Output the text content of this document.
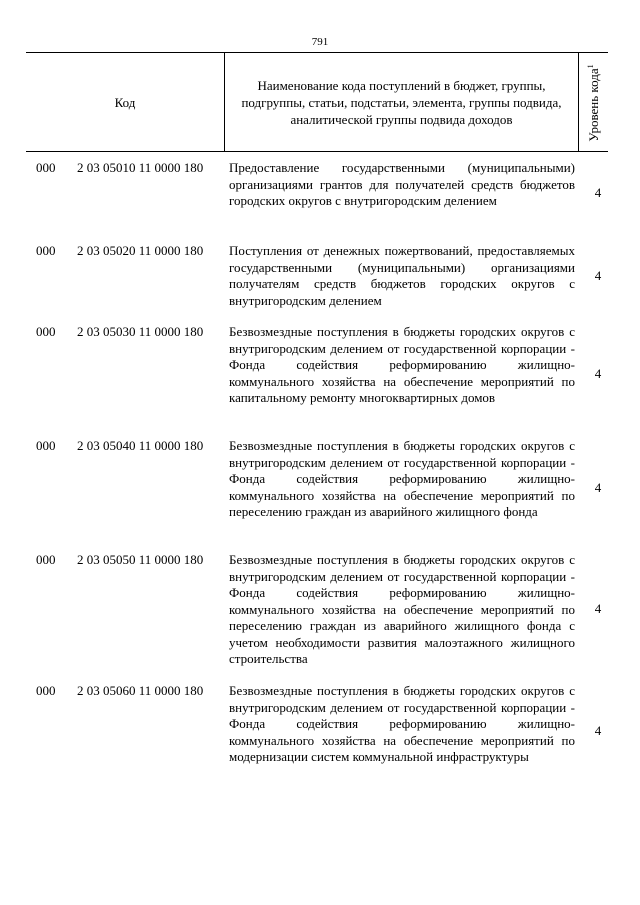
791
Код
Наименование кода поступлений в бюджет, группы, подгруппы, статьи, подстатьи, элемента, группы подвида, аналитической группы подвида доходов	Уровень кода$^1$
000 2 03 05010 11 0000 180 Предоставление государственными (муниципальными) организациями грантов для получателей средств бюджетов городских округов с внутригородским делением
4
000 2 03 05020 11 0000 180 Поступления от денежных пожертвований, предоставляемых государственными (муниципальными) организациями получателям средств бюджетов городских округов с внутригородским делением
4
000 2 03 05030 11 0000 180 Безвозмездные поступления в бюджеты городских округов с внутригородским делением от государственной корпорации - Фонда содействия реформированию жилищно-коммунального хозяйства на обеспечение мероприятий по капитальному ремонту многоквартирных домов
4
000 2 03 05040 11 0000 180 Безвозмездные поступления в бюджеты городских округов с внутригородским делением от государственной корпорации - Фонда содействия реформированию жилищно-коммунального хозяйства на обеспечение мероприятий по переселению граждан из аварийного жилищного фонда
4
000 2 03 05050 11 0000 180 Безвозмездные поступления в бюджеты городских округов с внутригородским делением от государственной корпорации - Фонда содействия реформированию жилищно-коммунального хозяйства на обеспечение мероприятий по переселению граждан из аварийного жилищного фонда с учетом необходимости развития малоэтажного жилищного строительства
4
000 2 03 05060 11 0000 180 Безвозмездные поступления в бюджеты городских округов с внутригородским делением от государственной корпорации - Фонда содействия реформированию жилищно-коммунального хозяйства на обеспечение мероприятий по модернизации систем коммунальной инфраструктуры
4
